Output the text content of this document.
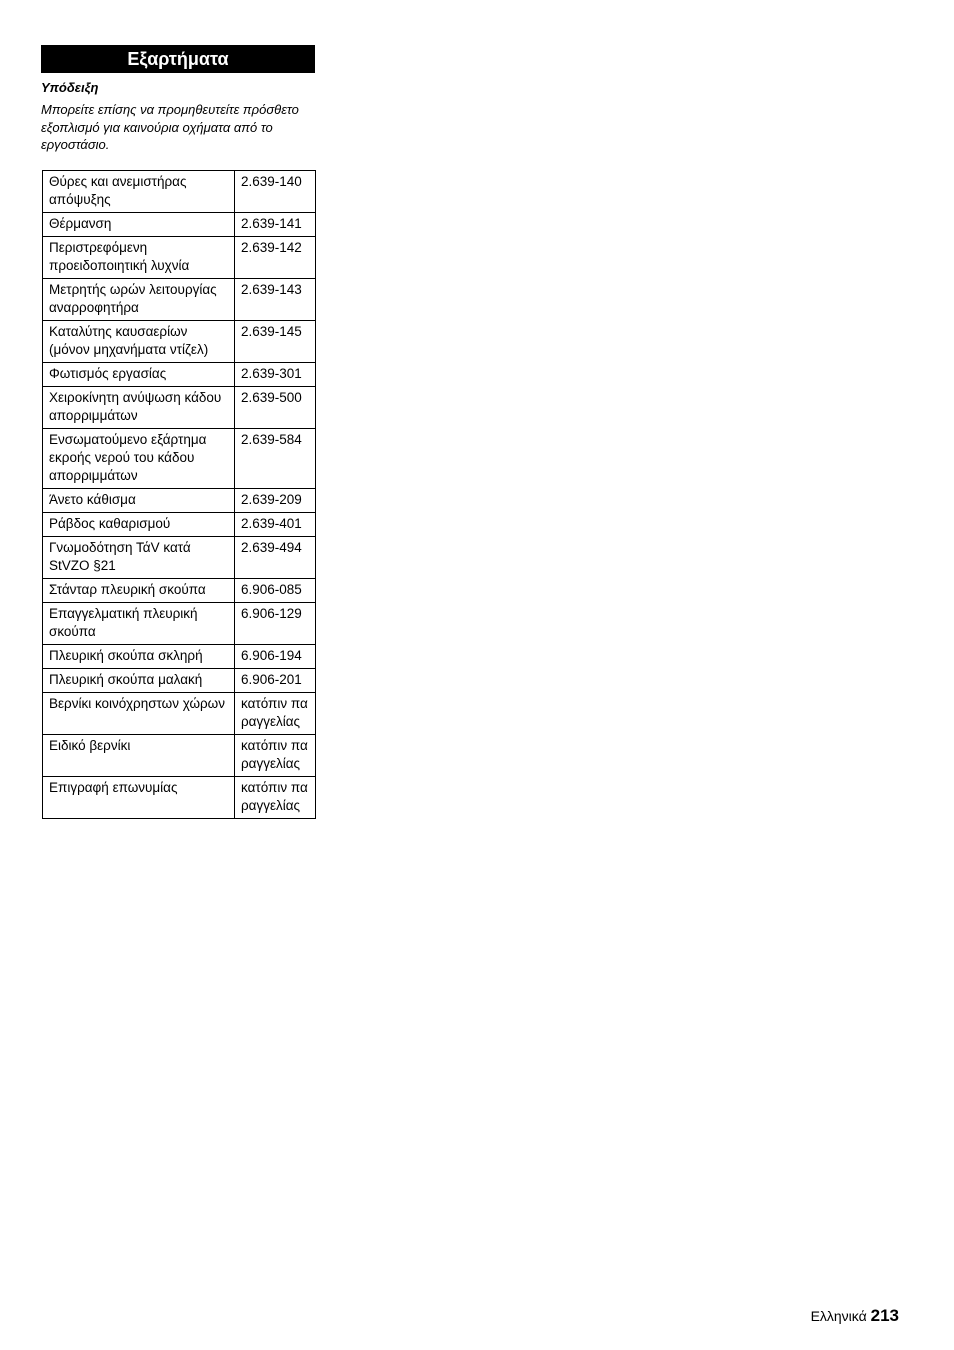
Εξαρτήματα
Υπόδειξη
Μπορείτε επίσης να προμηθευτείτε πρόσθετο εξοπλισμό για καινούρια οχήματα από το εργοστάσιο.
Θύρες και ανεμιστήρας απόψυξης	2.639-140
Θέρμανση	2.639-141
Περιστρεφόμενη προειδοποιητική λυχνία	2.639-142
Μετρητής ωρών λειτουργίας αναρροφητήρα	2.639-143
Καταλύτης καυσαερίων (μόνον μηχανήματα ντίζελ)	2.639-145
Φωτισμός εργασίας	2.639-301
Χειροκίνητη ανύψωση κάδου απορριμμάτων	2.639-500
Ενσωματούμενο εξάρτημα εκροής νερού του κάδου απορριμμάτων	2.639-584
Άνετο κάθισμα	2.639-209
Ράβδος καθαρισμού	2.639-401
Γνωμοδότηση ΤάV κατά StVZO §21	2.639-494
Στάνταρ πλευρική σκούπα	6.906-085
Επαγγελματική πλευρική σκούπα	6.906-129
Πλευρική σκούπα σκληρή	6.906-194
Πλευρική σκούπα μαλακή	6.906-201
Βερνίκι κοινόχρηστων χώρων	κατόπιν παραγγελίας
Ειδικό βερνίκι	κατόπιν παραγγελίας
Επιγραφή επωνυμίας	κατόπιν παραγγελίας
Ελληνικά 213
